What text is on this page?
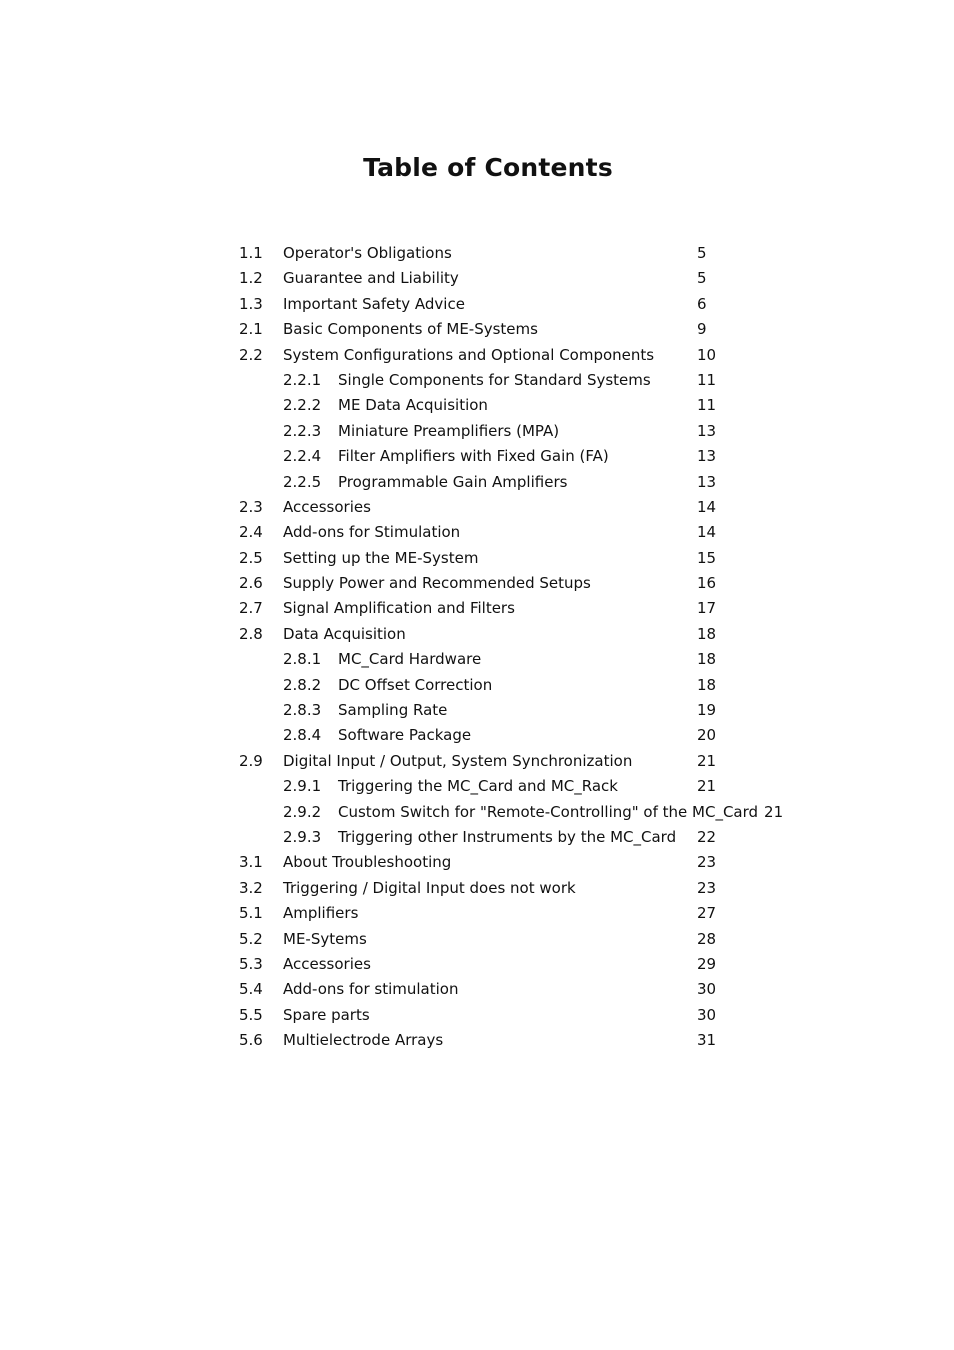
Table of Contents
1.1 Operator's Obligations	5
1.2 Guarantee and Liability	5
1.3 Important Safety Advice	6
2.1 Basic Components of ME-Systems	9
2.2 System Configurations and Optional Components	10
2.2.1 Single Components for Standard Systems	11
2.2.2 ME Data Acquisition	11
2.2.3 Miniature Preamplifiers (MPA)	13
2.2.4 Filter Amplifiers with Fixed Gain (FA)	13
2.2.5 Programmable Gain Amplifiers	13
2.3 Accessories	14
2.4 Add-ons for Stimulation	14
2.5 Setting up the ME-System	15
2.6 Supply Power and Recommended Setups	16
2.7 Signal Amplification and Filters	17
2.8 Data Acquisition	18
2.8.1 MC_Card Hardware	18
2.8.2 DC Offset Correction	18
2.8.3 Sampling Rate	19
2.8.4 Software Package	20
2.9 Digital Input / Output, System Synchronization	21
2.9.1 Triggering the MC_Card and MC_Rack	21
2.9.2 Custom Switch for "Remote-Controlling" of the MC_Card 21
2.9.3 Triggering other Instruments by the MC_Card 22
3.1 About Troubleshooting	23
3.2 Triggering / Digital Input does not work	23
5.1 Amplifiers	27
5.2 ME-Sytems	28
5.3 Accessories	29
5.4 Add-ons for stimulation	30
5.5 Spare parts	30
5.6 Multielectrode Arrays	31
